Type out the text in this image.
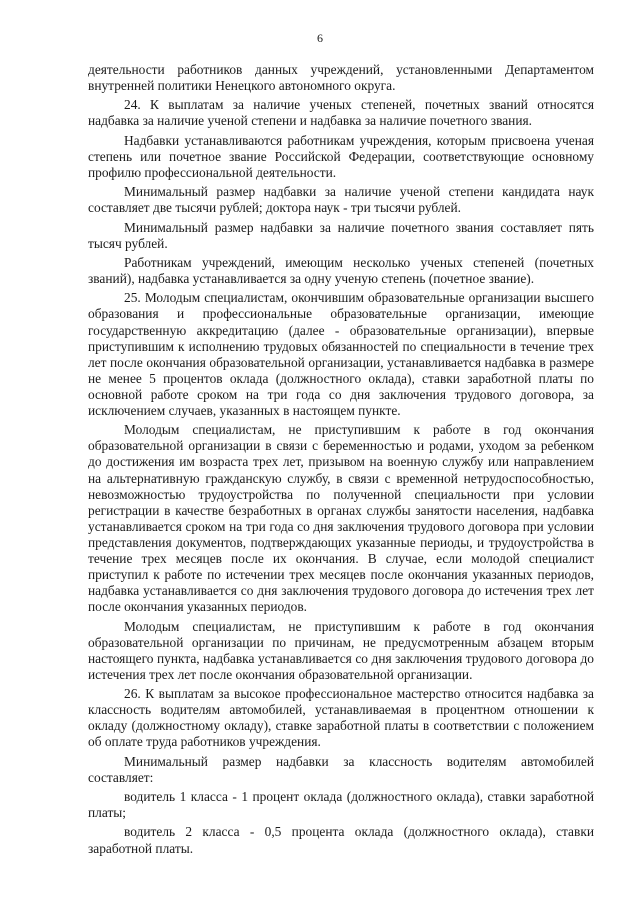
6

деятельности работников данных учреждений, установленными Департаментом внутренней политики Ненецкого автономного округа.

24. К выплатам за наличие ученых степеней, почетных званий относятся надбавка за наличие ученой степени и надбавка за наличие почетного звания.

Надбавки устанавливаются работникам учреждения, которым присвоена ученая степень или почетное звание Российской Федерации, соответствующие основному профилю профессиональной деятельности.

Минимальный размер надбавки за наличие ученой степени кандидата наук составляет две тысячи рублей; доктора наук - три тысячи рублей.

Минимальный размер надбавки за наличие почетного звания составляет пять тысяч рублей.

Работникам учреждений, имеющим несколько ученых степеней (почетных званий), надбавка устанавливается за одну ученую степень (почетное звание).

25. Молодым специалистам, окончившим образовательные организации высшего образования и профессиональные образовательные организации, имеющие государственную аккредитацию (далее - образовательные организации), впервые приступившим к исполнению трудовых обязанностей по специальности в течение трех лет после окончания образовательной организации, устанавливается надбавка в размере не менее 5 процентов оклада (должностного оклада), ставки заработной платы по основной работе сроком на три года со дня заключения трудового договора, за исключением случаев, указанных в настоящем пункте.

Молодым специалистам, не приступившим к работе в год окончания образовательной организации в связи с беременностью и родами, уходом за ребенком до достижения им возраста трех лет, призывом на военную службу или направлением на альтернативную гражданскую службу, в связи с временной нетрудоспособностью, невозможностью трудоустройства по полученной специальности при условии регистрации в качестве безработных в органах службы занятости населения, надбавка устанавливается сроком на три года со дня заключения трудового договора при условии представления документов, подтверждающих указанные периоды, и трудоустройства в течение трех месяцев после их окончания. В случае, если молодой специалист приступил к работе по истечении трех месяцев после окончания указанных периодов, надбавка устанавливается со дня заключения трудового договора до истечения трех лет после окончания указанных периодов.

Молодым специалистам, не приступившим к работе в год окончания образовательной организации по причинам, не предусмотренным абзацем вторым настоящего пункта, надбавка устанавливается со дня заключения трудового договора до истечения трех лет после окончания образовательной организации.

26. К выплатам за высокое профессиональное мастерство относится надбавка за классность водителям автомобилей, устанавливаемая в процентном отношении к окладу (должностному окладу), ставке заработной платы в соответствии с положением об оплате труда работников учреждения.

Минимальный размер надбавки за классность водителям автомобилей составляет:

водитель 1 класса - 1 процент оклада (должностного оклада), ставки заработной платы;

водитель 2 класса - 0,5 процента оклада (должностного оклада), ставки заработной платы.
